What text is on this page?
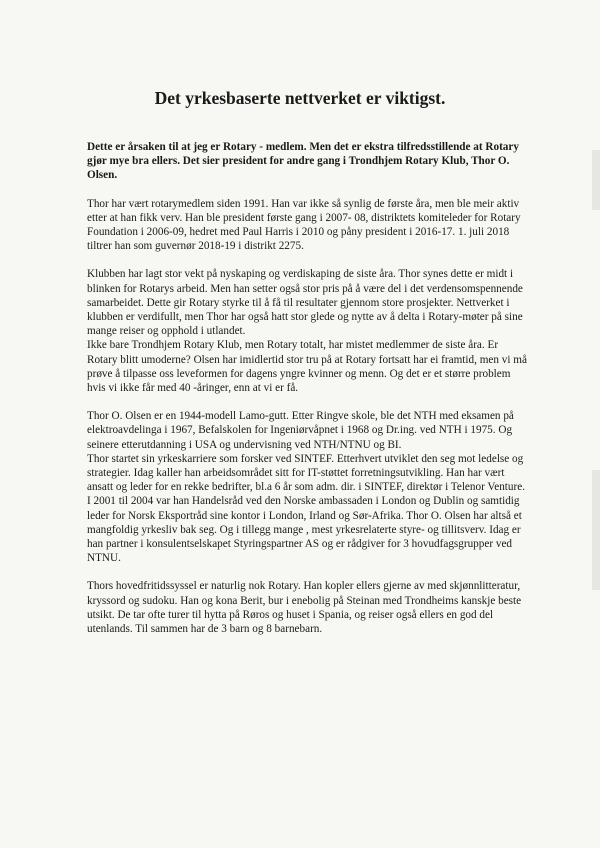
Det yrkesbaserte nettverket er viktigst.

Dette er årsaken til at jeg er Rotary - medlem. Men det er ekstra tilfredsstillende at Rotary gjør mye bra ellers. Det sier president for andre gang i Trondhjem Rotary Klub, Thor O. Olsen.

Thor har vært rotarymedlem siden 1991. Han var ikke så synlig de første åra, men ble meir aktiv etter at han fikk verv. Han ble president første gang i 2007- 08, distriktets komiteleder for Rotary Foundation i 2006-09, hedret med Paul Harris i 2010 og påny president i 2016-17. 1. juli 2018 tiltrer han som guvernør 2018-19 i distrikt 2275.

Klubben har lagt stor vekt på nyskaping og verdiskaping de siste åra. Thor synes dette er midt i blinken for Rotarys arbeid. Men han setter også stor pris på å være del i det verdensomspennende samarbeidet. Dette gir Rotary styrke til å få til resultater gjennom store prosjekter. Nettverket i klubben er verdifullt, men Thor har også hatt stor glede og nytte av å delta i Rotary-møter på sine mange reiser og opphold i utlandet.

Ikke bare Trondhjem Rotary Klub, men Rotary totalt, har mistet medlemmer de siste åra. Er Rotary blitt umoderne? Olsen har imidlertid stor tru på at Rotary fortsatt har ei framtid, men vi må prøve å tilpasse oss leveformen for dagens yngre kvinner og menn. Og det er et større problem hvis vi ikke får med 40 -åringer, enn at vi er få.

Thor O. Olsen er en 1944-modell Lamo-gutt. Etter Ringve skole, ble det NTH med eksamen på elektroavdelinga i 1967, Befalskolen for Ingeniørvåpnet i 1968 og Dr.ing. ved NTH i 1975. Og seinere etterutdanning i USA og undervisning ved NTH/NTNU og BI.

Thor startet sin yrkeskarriere som forsker ved SINTEF. Etterhvert utviklet den seg mot ledelse og strategier. Idag kaller han arbeidsområdet sitt for IT-støttet forretningsutvikling. Han har vært ansatt og leder for en rekke bedrifter, bl.a 6 år som adm. dir. i SINTEF, direktør i Telenor Venture. I 2001 til 2004 var han Handelsråd ved den Norske ambassaden i London og Dublin og samtidig leder for Norsk Eksportråd sine kontor i London, Irland og Sør-Afrika. Thor O. Olsen har altså et mangfoldig yrkesliv bak seg. Og i tillegg mange , mest yrkesrelaterte styre- og tillitsverv. Idag er han partner i konsulentselskapet Styringspartner AS og er rådgiver for 3 hovudfagsgrupper ved NTNU.

Thors hovedfritidssyssel er naturlig nok Rotary. Han kopler ellers gjerne av med skjønnlitteratur, kryssord og sudoku. Han og kona Berit, bur i enebolig på Steinan med Trondheims kanskje beste utsikt. De tar ofte turer til hytta på Røros og huset i Spania, og reiser også ellers en god del utenlands. Til sammen har de 3 barn og 8 barnebarn.
